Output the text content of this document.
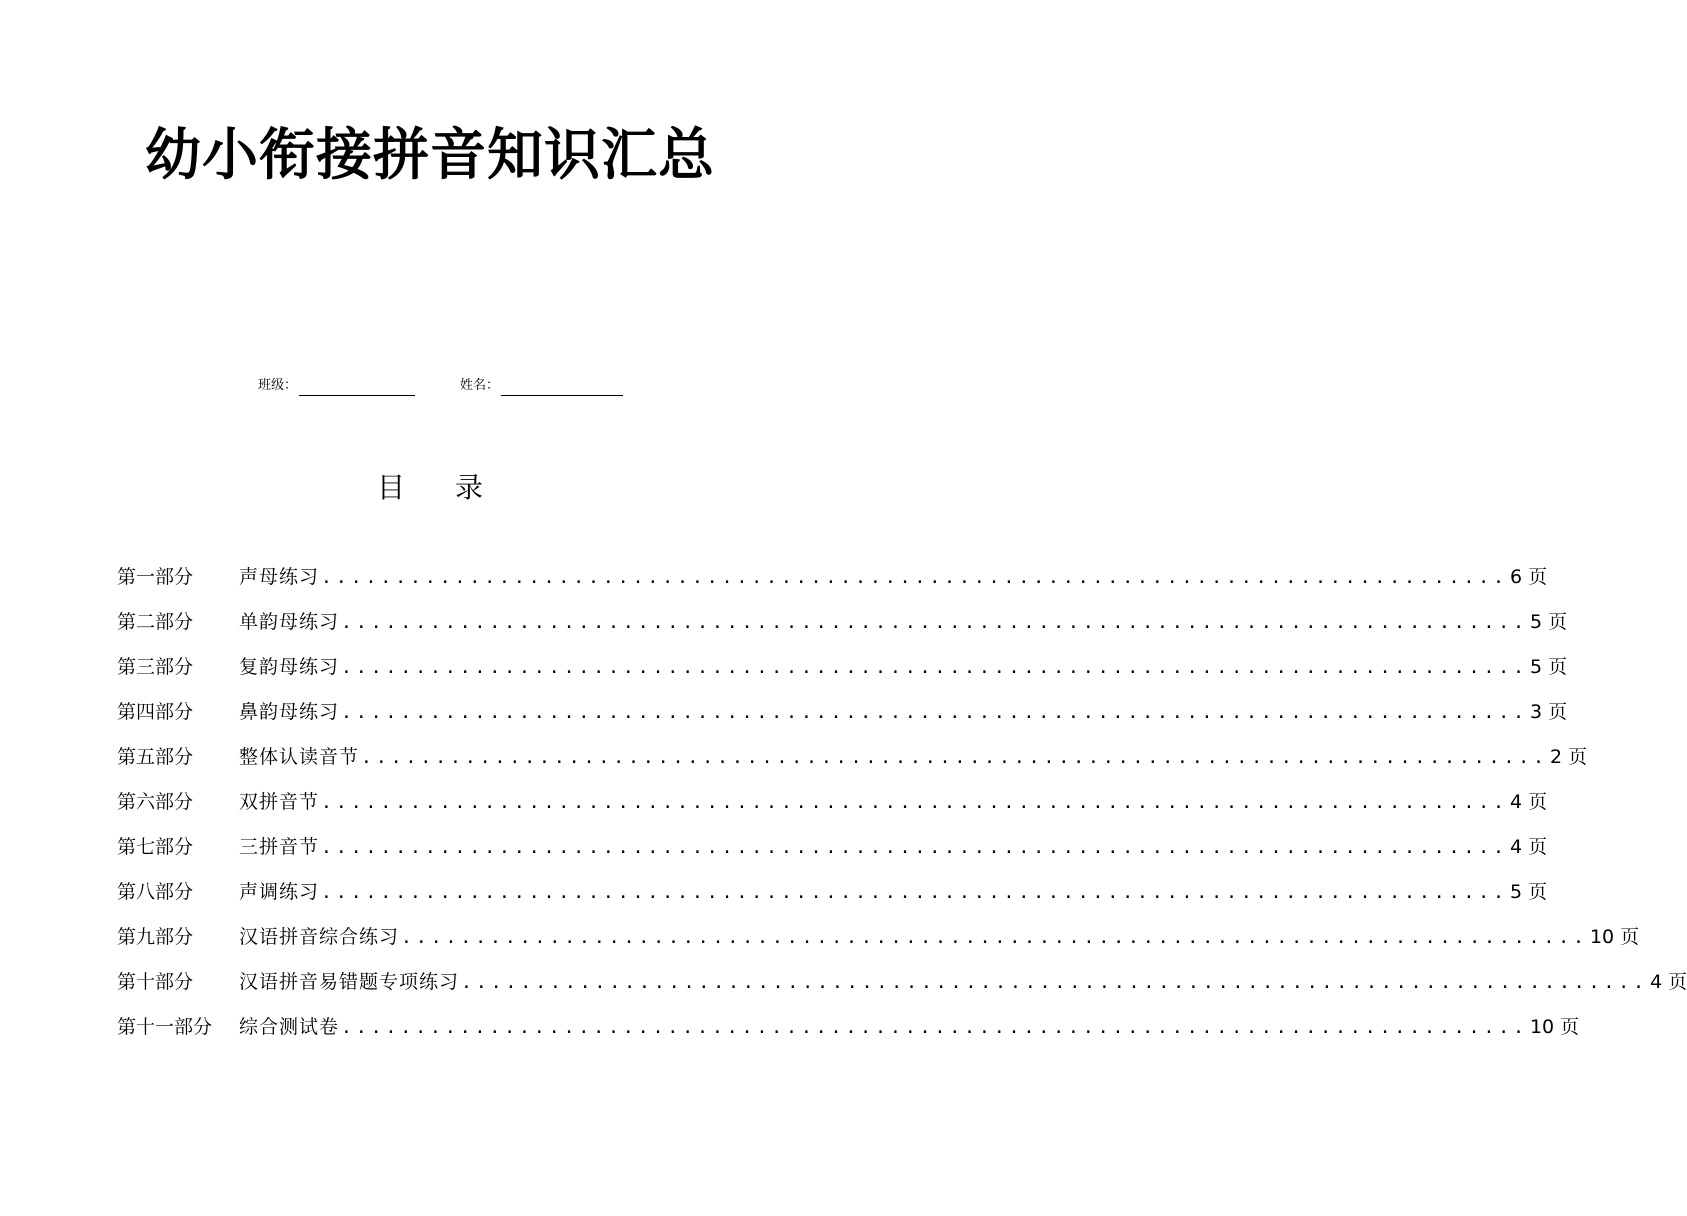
幼小衔接拼音知识汇总
班级：	姓名：
目 录
第一部分	声母练习 ................................................................................ 6 页
第二部分	单韵母练习 ................................................................................ 5 页
第三部分	复韵母练习 ................................................................................ 5 页
第四部分	鼻韵母练习 ................................................................................ 3 页
第五部分	整体认读音节 ................................................................................ 2 页
第六部分	双拼音节 ................................................................................ 4 页
第七部分	三拼音节 ................................................................................ 4 页
第八部分	声调练习 ................................................................................ 5 页
第九部分	汉语拼音综合练习 ................................................................................ 10 页
第十部分	汉语拼音易错题专项练习 ................................................................................ 4 页
第十一部分	综合测试卷 ................................................................................ 10 页
